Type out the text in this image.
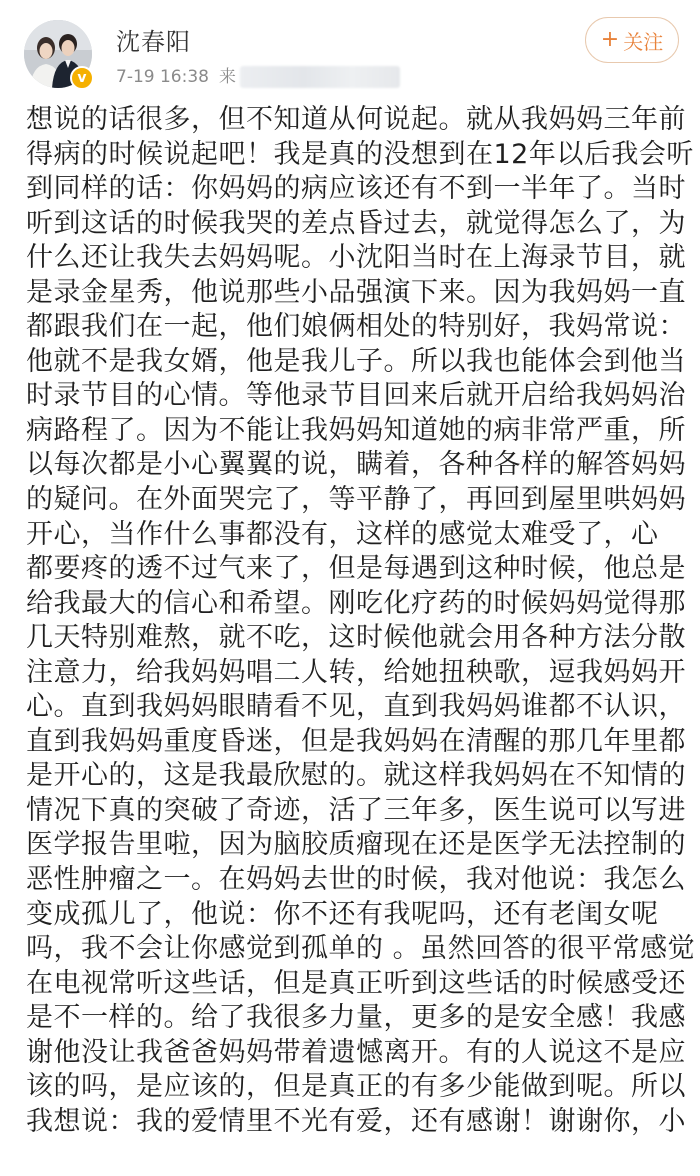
v
沈春阳
7-19 16:38 来
+ 关注
想说的话很多，但不知道从何说起。就从我妈妈三年前
得病的时候说起吧！我是真的没想到在12年以后我会听
到同样的话：你妈妈的病应该还有不到一半年了。当时
听到这话的时候我哭的差点昏过去，就觉得怎么了，为
什么还让我失去妈妈呢。小沈阳当时在上海录节目，就
是录金星秀，他说那些小品强演下来。因为我妈妈一直
都跟我们在一起，他们娘俩相处的特别好，我妈常说：
他就不是我女婿，他是我儿子。所以我也能体会到他当
时录节目的心情。等他录节目回来后就开启给我妈妈治
病路程了。因为不能让我妈妈知道她的病非常严重，所
以每次都是小心翼翼的说，瞒着，各种各样的解答妈妈
的疑问。在外面哭完了，等平静了，再回到屋里哄妈妈
开心，当作什么事都没有，这样的感觉太难受了，心
都要疼的透不过气来了，但是每遇到这种时候，他总是
给我最大的信心和希望。刚吃化疗药的时候妈妈觉得那
几天特别难熬，就不吃，这时候他就会用各种方法分散
注意力，给我妈妈唱二人转，给她扭秧歌，逗我妈妈开
心。直到我妈妈眼睛看不见，直到我妈妈谁都不认识，
直到我妈妈重度昏迷，但是我妈妈在清醒的那几年里都
是开心的，这是我最欣慰的。就这样我妈妈在不知情的
情况下真的突破了奇迹，活了三年多，医生说可以写进
医学报告里啦，因为脑胶质瘤现在还是医学无法控制的
恶性肿瘤之一。在妈妈去世的时候，我对他说：我怎么
变成孤儿了，他说：你不还有我呢吗，还有老闺女呢
吗，我不会让你感觉到孤单的 。虽然回答的很平常感觉
在电视常听这些话，但是真正听到这些话的时候感受还
是不一样的。给了我很多力量，更多的是安全感！我感
谢他没让我爸爸妈妈带着遗憾离开。有的人说这不是应
该的吗，是应该的，但是真正的有多少能做到呢。所以
我想说：我的爱情里不光有爱，还有感谢！谢谢你，小
